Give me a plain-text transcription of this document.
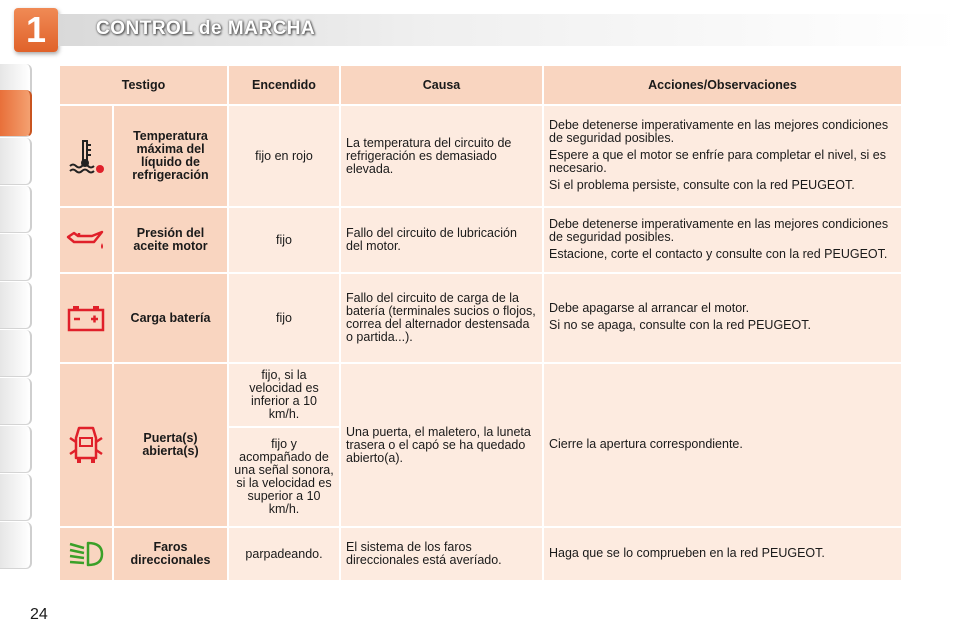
1	CONTROL de MARCHA
Testigo		Encendido	Causa	Acciones/Observaciones

	Temperatura máxima del líquido de refrigeración	fijo en rojo	La temperatura del circuito de refrigeración es demasiado elevada.	Debe detenerse imperativamente en las mejores condiciones de seguridad posibles.

Espere a que el motor se enfríe para completar el nivel, si es necesario.

Si el problema persiste, consulte con la red PEUGEOT.

	Presión del aceite motor	fijo	Fallo del circuito de lubricación del motor.	Debe detenerse imperativamente en las mejores condiciones de seguridad posibles.

Estacione, corte el contacto y consulte con la red PEUGEOT.

	Carga batería	fijo	Fallo del circuito de carga de la batería (terminales sucios o flojos, correa del alternador destensada o partida...).	Debe apagarse al arrancar el motor.

Si no se apaga, consulte con la red PEUGEOT.

	Puerta(s) abierta(s)	fijo, si la velocidad es inferior a 10 km/h.	Una puerta, el maletero, la luneta trasera o el capó se ha quedado abierto(a).	Cierre la apertura correspondiente.

		fijo y acompañado de una señal sonora, si la velocidad es superior a 10 km/h.		

	Faros direccionales	parpadeando.	El sistema de los faros direccionales está averíado.	Haga que se lo comprueben en la red PEUGEOT.

24
